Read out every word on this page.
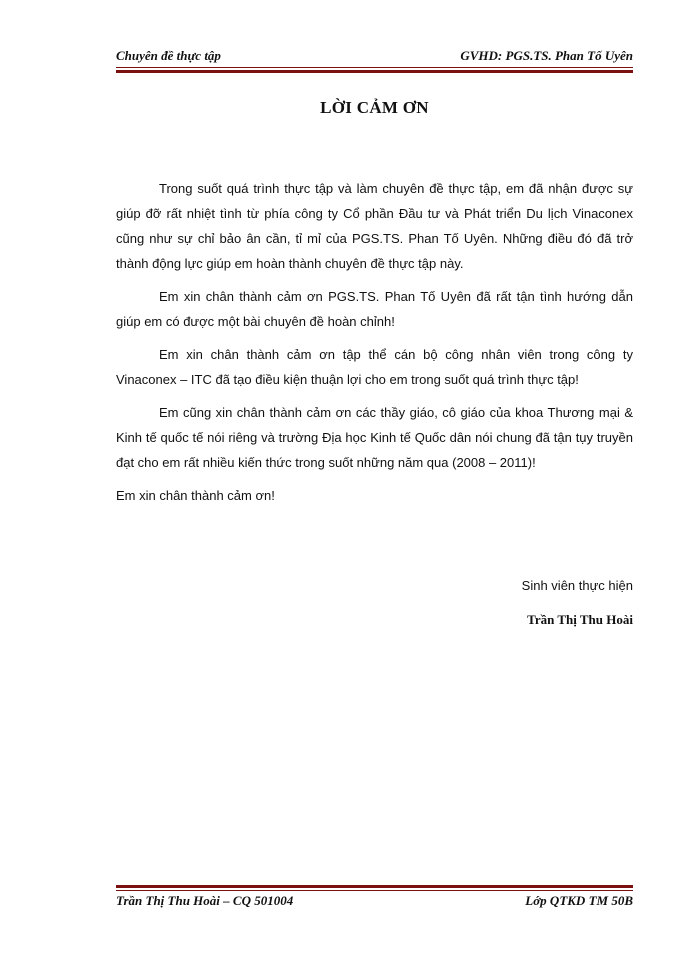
Chuyên đề thực tập	GVHD: PGS.TS. Phan Tố Uyên
LỜI CẢM ƠN

Trong suốt quá trình thực tập và làm chuyên đề thực tập, em đã nhận được sự giúp đỡ rất nhiệt tình từ phía công ty Cổ phần Đầu tư và Phát triển Du lịch Vinaconex cũng như sự chỉ bảo ân cần, tỉ mỉ của PGS.TS. Phan Tố Uyên. Những điều đó đã trở thành động lực giúp em hoàn thành chuyên đề thực tập này.

Em xin chân thành cảm ơn PGS.TS. Phan Tố Uyên đã rất tận tình hướng dẫn giúp em có được một bài chuyên đề hoàn chỉnh!

Em xin chân thành cảm ơn tập thể cán bộ công nhân viên trong công ty Vinaconex – ITC đã tạo điều kiện thuận lợi cho em trong suốt quá trình thực tập!

Em cũng xin chân thành cảm ơn các thầy giáo, cô giáo của khoa Thương mại & Kinh tế quốc tế nói riêng và trường Địa học Kinh tế Quốc dân nói chung đã tận tụy truyền đạt cho em rất nhiều kiến thức trong suốt những năm qua (2008 – 2011)!

Em xin chân thành cảm ơn!

Sinh viên thực hiện
Trần Thị Thu Hoài
Trần Thị Thu Hoài – CQ 501004	Lớp QTKD TM 50B
